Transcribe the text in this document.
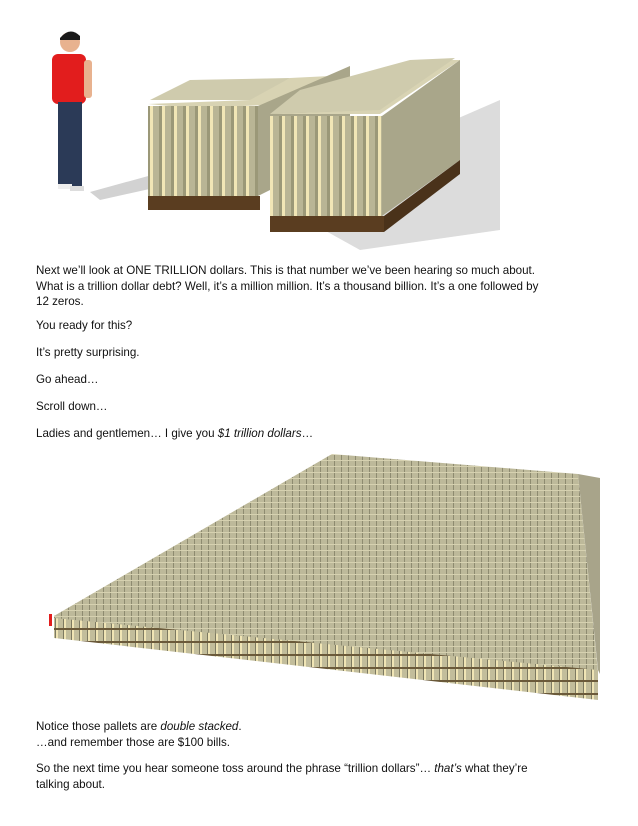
Next we’ll look at ONE TRILLION dollars. This is that number we’ve been hearing so much about.
What is a trillion dollar debt? Well, it’s a million million. It’s a thousand billion. It’s a one followed by
12 zeros.

You ready for this?

It’s pretty surprising.

Go ahead…

Scroll down…

Ladies and gentlemen… I give you $1 trillion dollars…

Notice those pallets are double stacked.
…and remember those are $100 bills.

So the next time you hear someone toss around the phrase “trillion dollars”… that’s what they’re
talking about.
